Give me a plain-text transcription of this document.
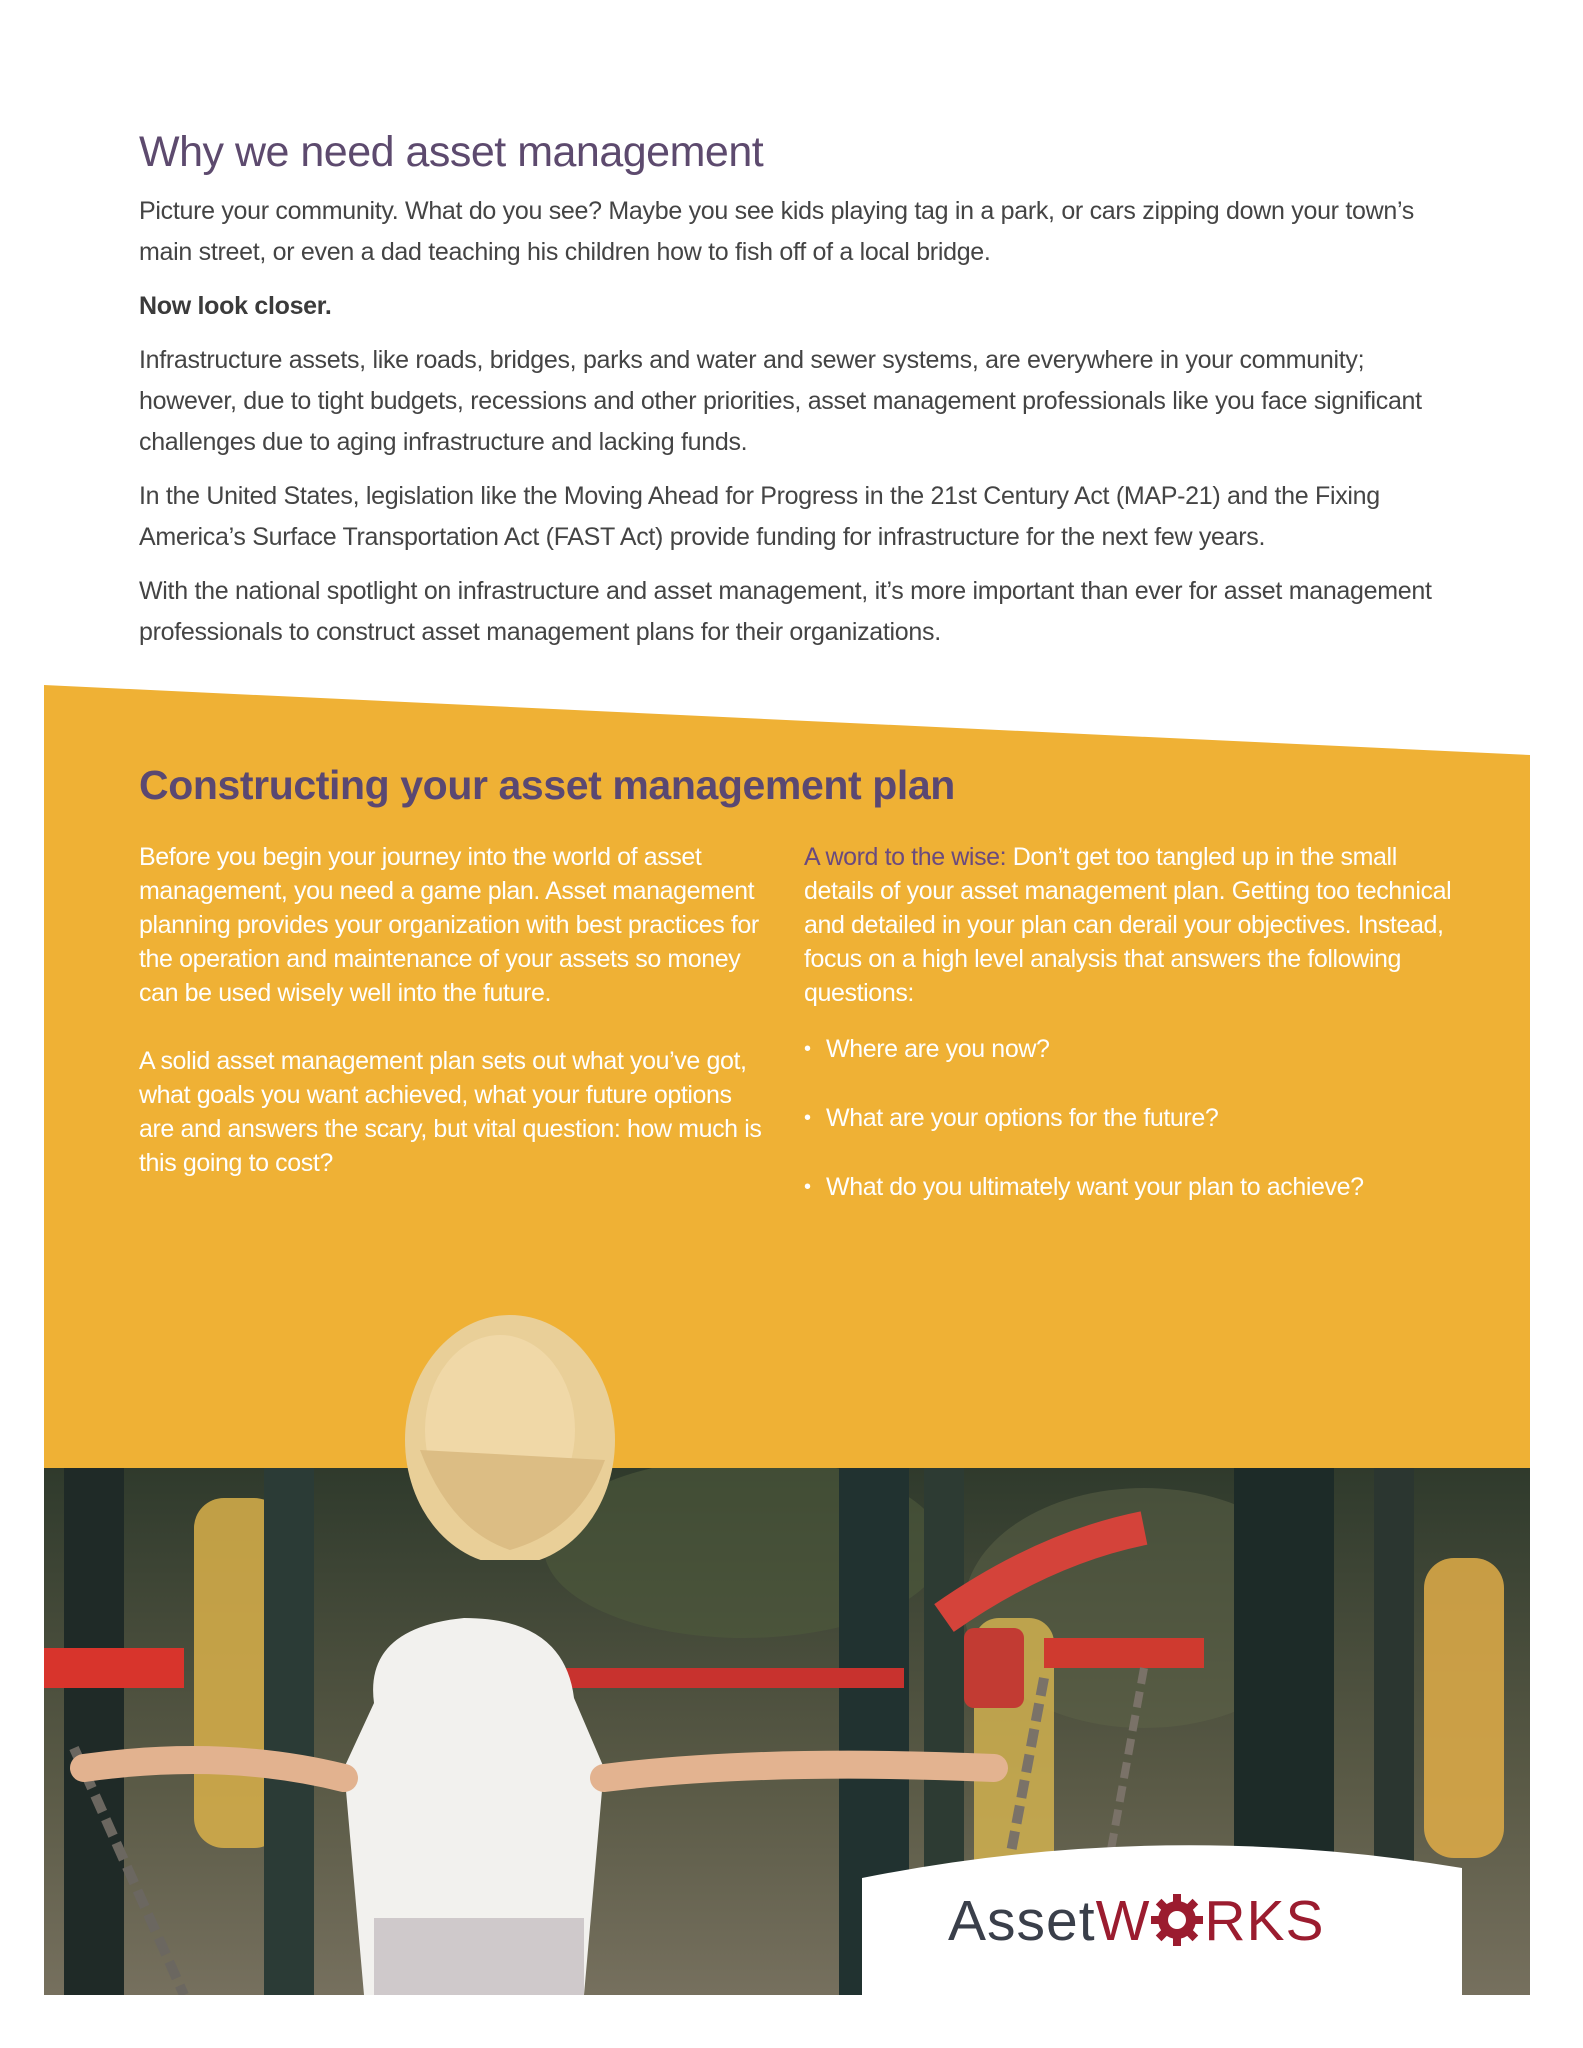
Why we need asset management

Picture your community. What do you see? Maybe you see kids playing tag in a park, or cars zipping down your town’s main street, or even a dad teaching his children how to fish off of a local bridge.

Now look closer.

Infrastructure assets, like roads, bridges, parks and water and sewer systems, are everywhere in your community; however, due to tight budgets, recessions and other priorities, asset management professionals like you face significant challenges due to aging infrastructure and lacking funds.

In the United States, legislation like the Moving Ahead for Progress in the 21st Century Act (MAP-21) and the Fixing America’s Surface Transportation Act (FAST Act) provide funding for infrastructure for the next few years.

With the national spotlight on infrastructure and asset management, it’s more important than ever for asset management professionals to construct asset management plans for their organizations.

Constructing your asset management plan

Before you begin your journey into the world of asset management, you need a game plan. Asset management planning provides your organization with best practices for the operation and maintenance of your assets so money can be used wisely well into the future.

A solid asset management plan sets out what you’ve got, what goals you want achieved, what your future options are and answers the scary, but vital question: how much is this going to cost?

A word to the wise: Don’t get too tangled up in the small details of your asset management plan. Getting too technical and detailed in your plan can derail your objectives. Instead, focus on a high level analysis that answers the following questions:

• Where are you now?
• What are your options for the future?
• What do you ultimately want your plan to achieve?
AssetW RKS
